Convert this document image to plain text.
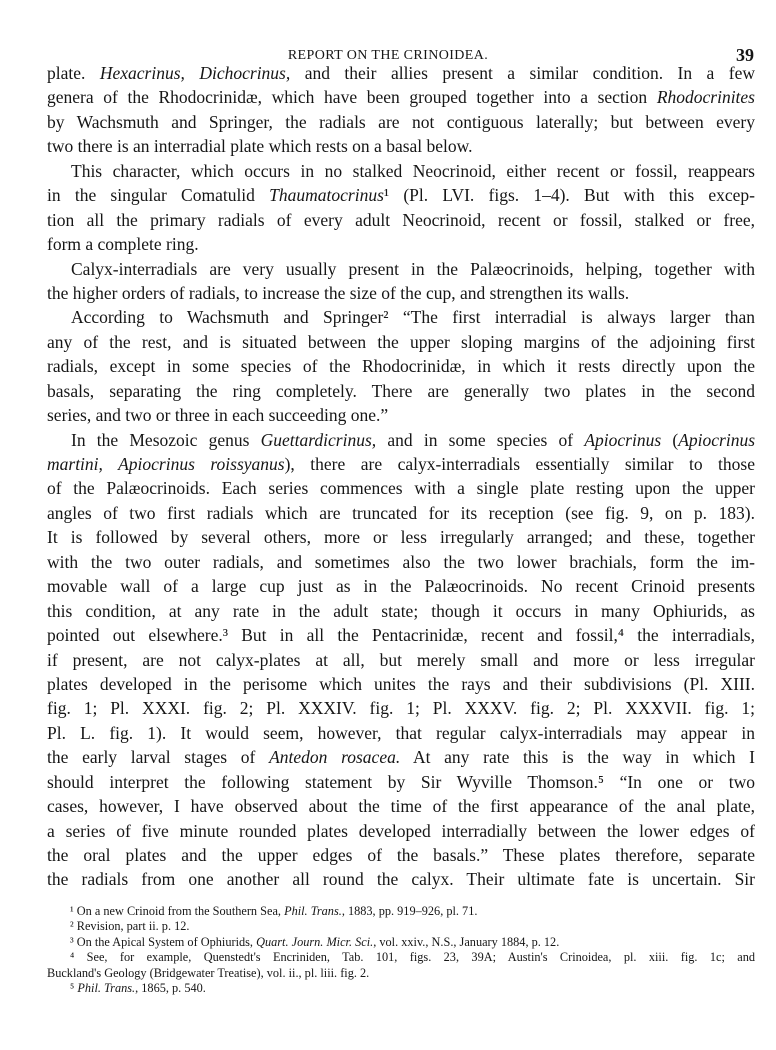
REPORT ON THE CRINOIDEA.	39
plate. Hexacrinus, Dichocrinus, and their allies present a similar condition. In a few
genera of the Rhodocrinidæ, which have been grouped together into a section Rhodocrinites
by Wachsmuth and Springer, the radials are not contiguous laterally; but between every
two there is an interradial plate which rests on a basal below.
This character, which occurs in no stalked Neocrinoid, either recent or fossil, reappears
in the singular Comatulid Thaumatocrinus¹ (Pl. LVI. figs. 1–4). But with this excep-
tion all the primary radials of every adult Neocrinoid, recent or fossil, stalked or free,
form a complete ring.
Calyx-interradials are very usually present in the Palæocrinoids, helping, together with
the higher orders of radials, to increase the size of the cup, and strengthen its walls.
According to Wachsmuth and Springer² “The first interradial is always larger than
any of the rest, and is situated between the upper sloping margins of the adjoining first
radials, except in some species of the Rhodocrinidæ, in which it rests directly upon the
basals, separating the ring completely. There are generally two plates in the second
series, and two or three in each succeeding one.”
In the Mesozoic genus Guettardicrinus, and in some species of Apiocrinus (Apiocrinus
martini, Apiocrinus roissyanus), there are calyx-interradials essentially similar to those
of the Palæocrinoids. Each series commences with a single plate resting upon the upper
angles of two first radials which are truncated for its reception (see fig. 9, on p. 183).
It is followed by several others, more or less irregularly arranged; and these, together
with the two outer radials, and sometimes also the two lower brachials, form the im-
movable wall of a large cup just as in the Palæocrinoids. No recent Crinoid presents
this condition, at any rate in the adult state; though it occurs in many Ophiurids, as
pointed out elsewhere.³ But in all the Pentacrinidæ, recent and fossil,⁴ the interradials,
if present, are not calyx-plates at all, but merely small and more or less irregular
plates developed in the perisome which unites the rays and their subdivisions (Pl. XIII.
fig. 1; Pl. XXXI. fig. 2; Pl. XXXIV. fig. 1; Pl. XXXV. fig. 2; Pl. XXXVII. fig. 1;
Pl. L. fig. 1). It would seem, however, that regular calyx-interradials may appear in
the early larval stages of Antedon rosacea. At any rate this is the way in which I
should interpret the following statement by Sir Wyville Thomson.⁵ “In one or two
cases, however, I have observed about the time of the first appearance of the anal plate,
a series of five minute rounded plates developed interradially between the lower edges of
the oral plates and the upper edges of the basals.” These plates therefore, separate
the radials from one another all round the calyx. Their ultimate fate is uncertain. Sir
¹ On a new Crinoid from the Southern Sea, Phil. Trans., 1883, pp. 919–926, pl. 71.
² Revision, part ii. p. 12.
³ On the Apical System of Ophiurids, Quart. Journ. Micr. Sci., vol. xxiv., N.S., January 1884, p. 12.
⁴ See, for example, Quenstedt's Encriniden, Tab. 101, figs. 23, 39A; Austin's Crinoidea, pl. xiii. fig. 1c; and
Buckland's Geology (Bridgewater Treatise), vol. ii., pl. liii. fig. 2.
⁵ Phil. Trans., 1865, p. 540.
